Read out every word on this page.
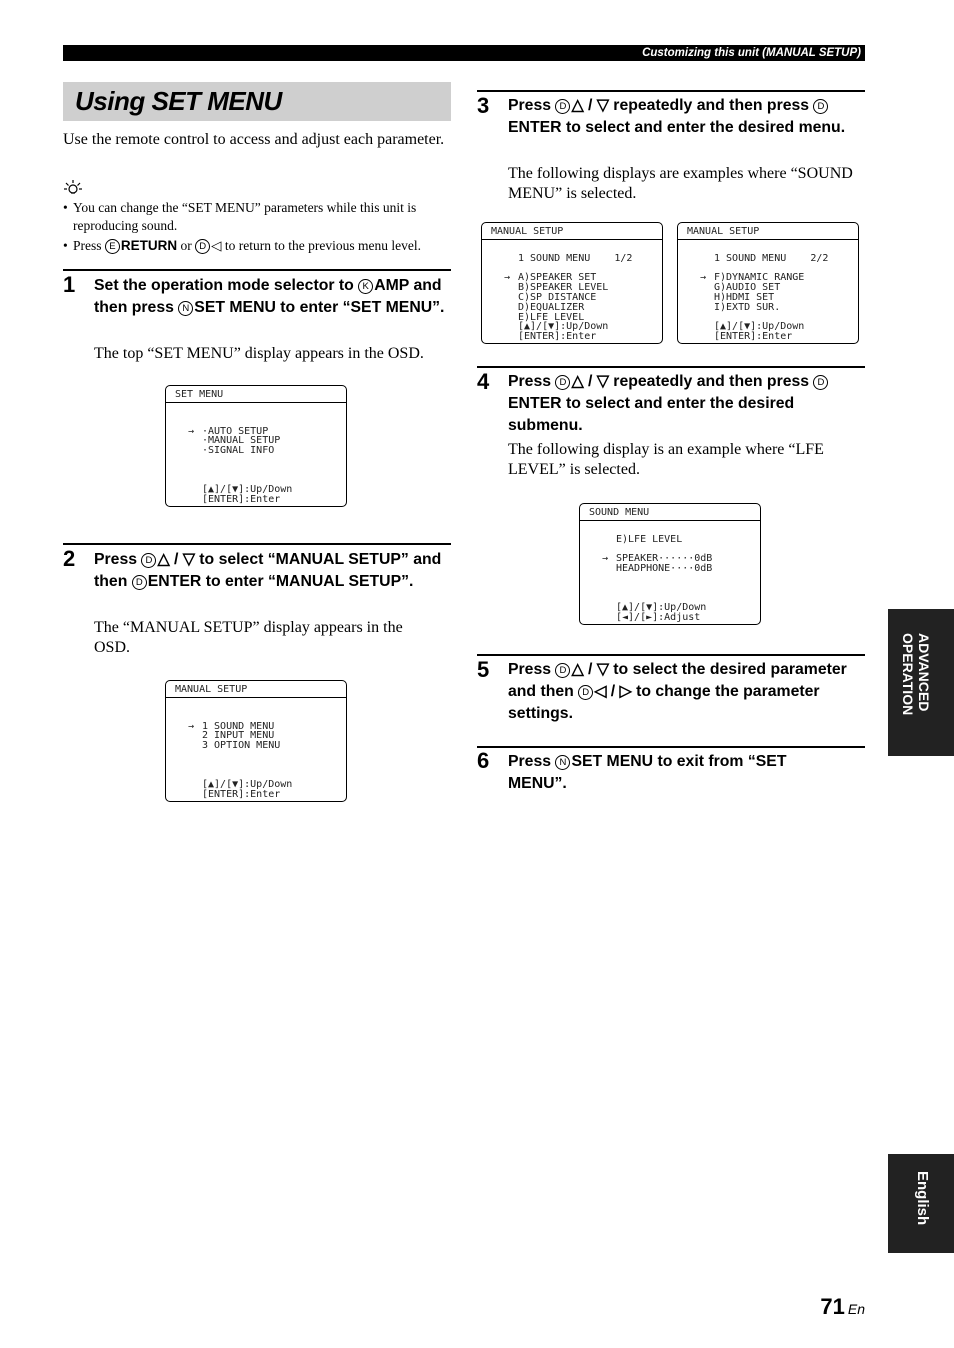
Customizing this unit (MANUAL SETUP)
Using SET MENU
Use the remote control to access and adjust each parameter.
• You can change the “SET MENU” parameters while this unit is reproducing sound.
• Press E RETURN or D ◁ to return to the previous menu level.
1 Set the operation mode selector to K AMP and then press N SET MENU to enter “SET MENU”.
The top “SET MENU” display appears in the OSD.
SET MENU
→ ·AUTO SETUP
·MANUAL SETUP
·SIGNAL INFO
[▲]/[▼]:Up/Down
[ENTER]:Enter
2 Press D △ / ▽ to select “MANUAL SETUP” and then D ENTER to enter “MANUAL SETUP”.
The “MANUAL SETUP” display appears in the OSD.
MANUAL SETUP
→ 1 SOUND MENU
2 INPUT MENU
3 OPTION MENU
[▲]/[▼]:Up/Down
[ENTER]:Enter
3 Press D △ / ▽ repeatedly and then press DENTER to select and enter the desired menu.
The following displays are examples where “SOUND MENU” is selected.
MANUAL SETUP
1 SOUND MENU    1/2
→ A)SPEAKER SET
B)SPEAKER LEVEL
C)SP DISTANCE
D)EQUALIZER
E)LFE LEVEL
[▲]/[▼]:Up/Down
[ENTER]:Enter
MANUAL SETUP
1 SOUND MENU    2/2
→ F)DYNAMIC RANGE
G)AUDIO SET
H)HDMI SET
I)EXTD SUR.
[▲]/[▼]:Up/Down
[ENTER]:Enter
4 Press D △ / ▽ repeatedly and then press DENTER to select and enter the desired submenu.
The following display is an example where “LFE LEVEL” is selected.
SOUND MENU
E)LFE LEVEL
→ SPEAKER······0dB
HEADPHONE····0dB
[▲]/[▼]:Up/Down
[◄]/[►]:Adjust
5 Press D △ / ▽ to select the desired parameter and then D ◁ / ▷ to change the parameter settings.
6 Press N SET MENU to exit from “SET MENU”.
ADVANCED
OPERATION
English
71 En
